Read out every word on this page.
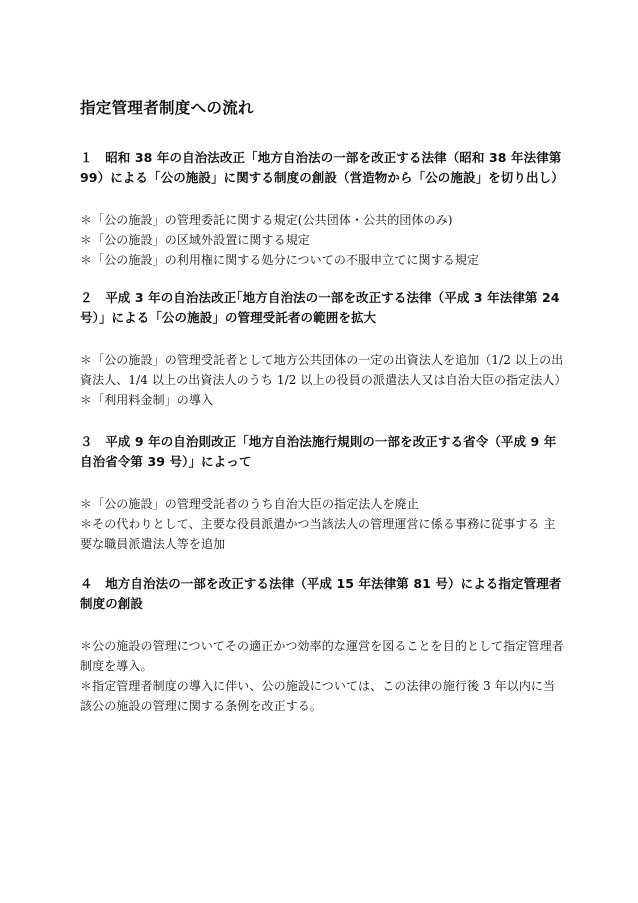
指定管理者制度への流れ

１　昭和 38 年の自治法改正「地方自治法の一部を改正する法律（昭和 38 年法律第 99）による「公の施設」に関する制度の創設（営造物から「公の施設」を切り出し）

＊「公の施設」の管理委託に関する規定(公共団体・公共的団体のみ)

＊「公の施設」の区域外設置に関する規定

＊「公の施設」の利用権に関する処分についての不服申立てに関する規定

２　平成 3 年の自治法改正｢地方自治法の一部を改正する法律（平成 3 年法律第 24 号）」による「公の施設」の管理受託者の範囲を拡大

＊「公の施設」の管理受託者として地方公共団体の一定の出資法人を追加（1/2 以上の出資法人、1/4 以上の出資法人のうち 1/2 以上の役員の派遣法人又は自治大臣の指定法人）

＊「利用料金制」の導入

３　平成 9 年の自治則改正「地方自治法施行規則の一部を改正する省令（平成 9 年自治省令第 39 号）」によって

＊「公の施設」の管理受託者のうち自治大臣の指定法人を廃止

＊その代わりとして、主要な役員派遣かつ当該法人の管理運営に係る事務に従事する 主要な職員派遣法人等を追加

４　地方自治法の一部を改正する法律（平成 15 年法律第 81 号）による指定管理者制度の創設

＊公の施設の管理についてその適正かつ効率的な運営を図ることを目的として指定管理者制度を導入。

＊指定管理者制度の導入に伴い、公の施設については、この法律の施行後 3 年以内に当該公の施設の管理に関する条例を改正する。
